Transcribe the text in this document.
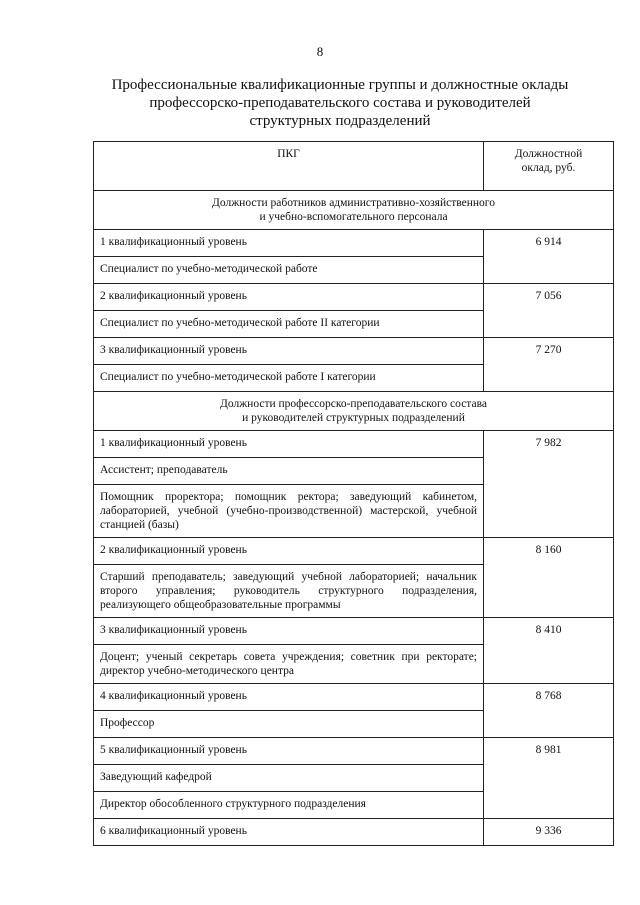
8
Профессиональные квалификационные группы и должностные оклады
профессорско-преподавательского состава и руководителей
структурных подразделений
ПКГ	Должностной
оклад, руб.

Должности работников административно-хозяйственного
и учебно-вспомогательного персонала	

1 квалификационный уровень	6 914
Специалист по учебно-методической работе	
2 квалификационный уровень	7 056
Специалист по учебно-методической работе II категории	
3 квалификационный уровень	7 270
Специалист по учебно-методической работе I категории	

Должности профессорско-преподавательского состава
и руководителей структурных подразделений	

1 квалификационный уровень	7 982
Ассистент; преподаватель	
Помощник проректора; помощник ректора; заведующий кабинетом, лабораторией, учебной (учебно-производственной) мастерской, учебной станцией (базы)	
2 квалификационный уровень	8 160
Старший преподаватель; заведующий учебной лабораторией; начальник второго управления; руководитель структурного подразделения, реализующего общеобразовательные программы	
3 квалификационный уровень	8 410
Доцент; ученый секретарь совета учреждения; советник при ректорате; директор учебно-методического центра	
4 квалификационный уровень	8 768
Профессор	
5 квалификационный уровень	8 981
Заведующий кафедрой	
Директор обособленного структурного подразделения	
6 квалификационный уровень	9 336
